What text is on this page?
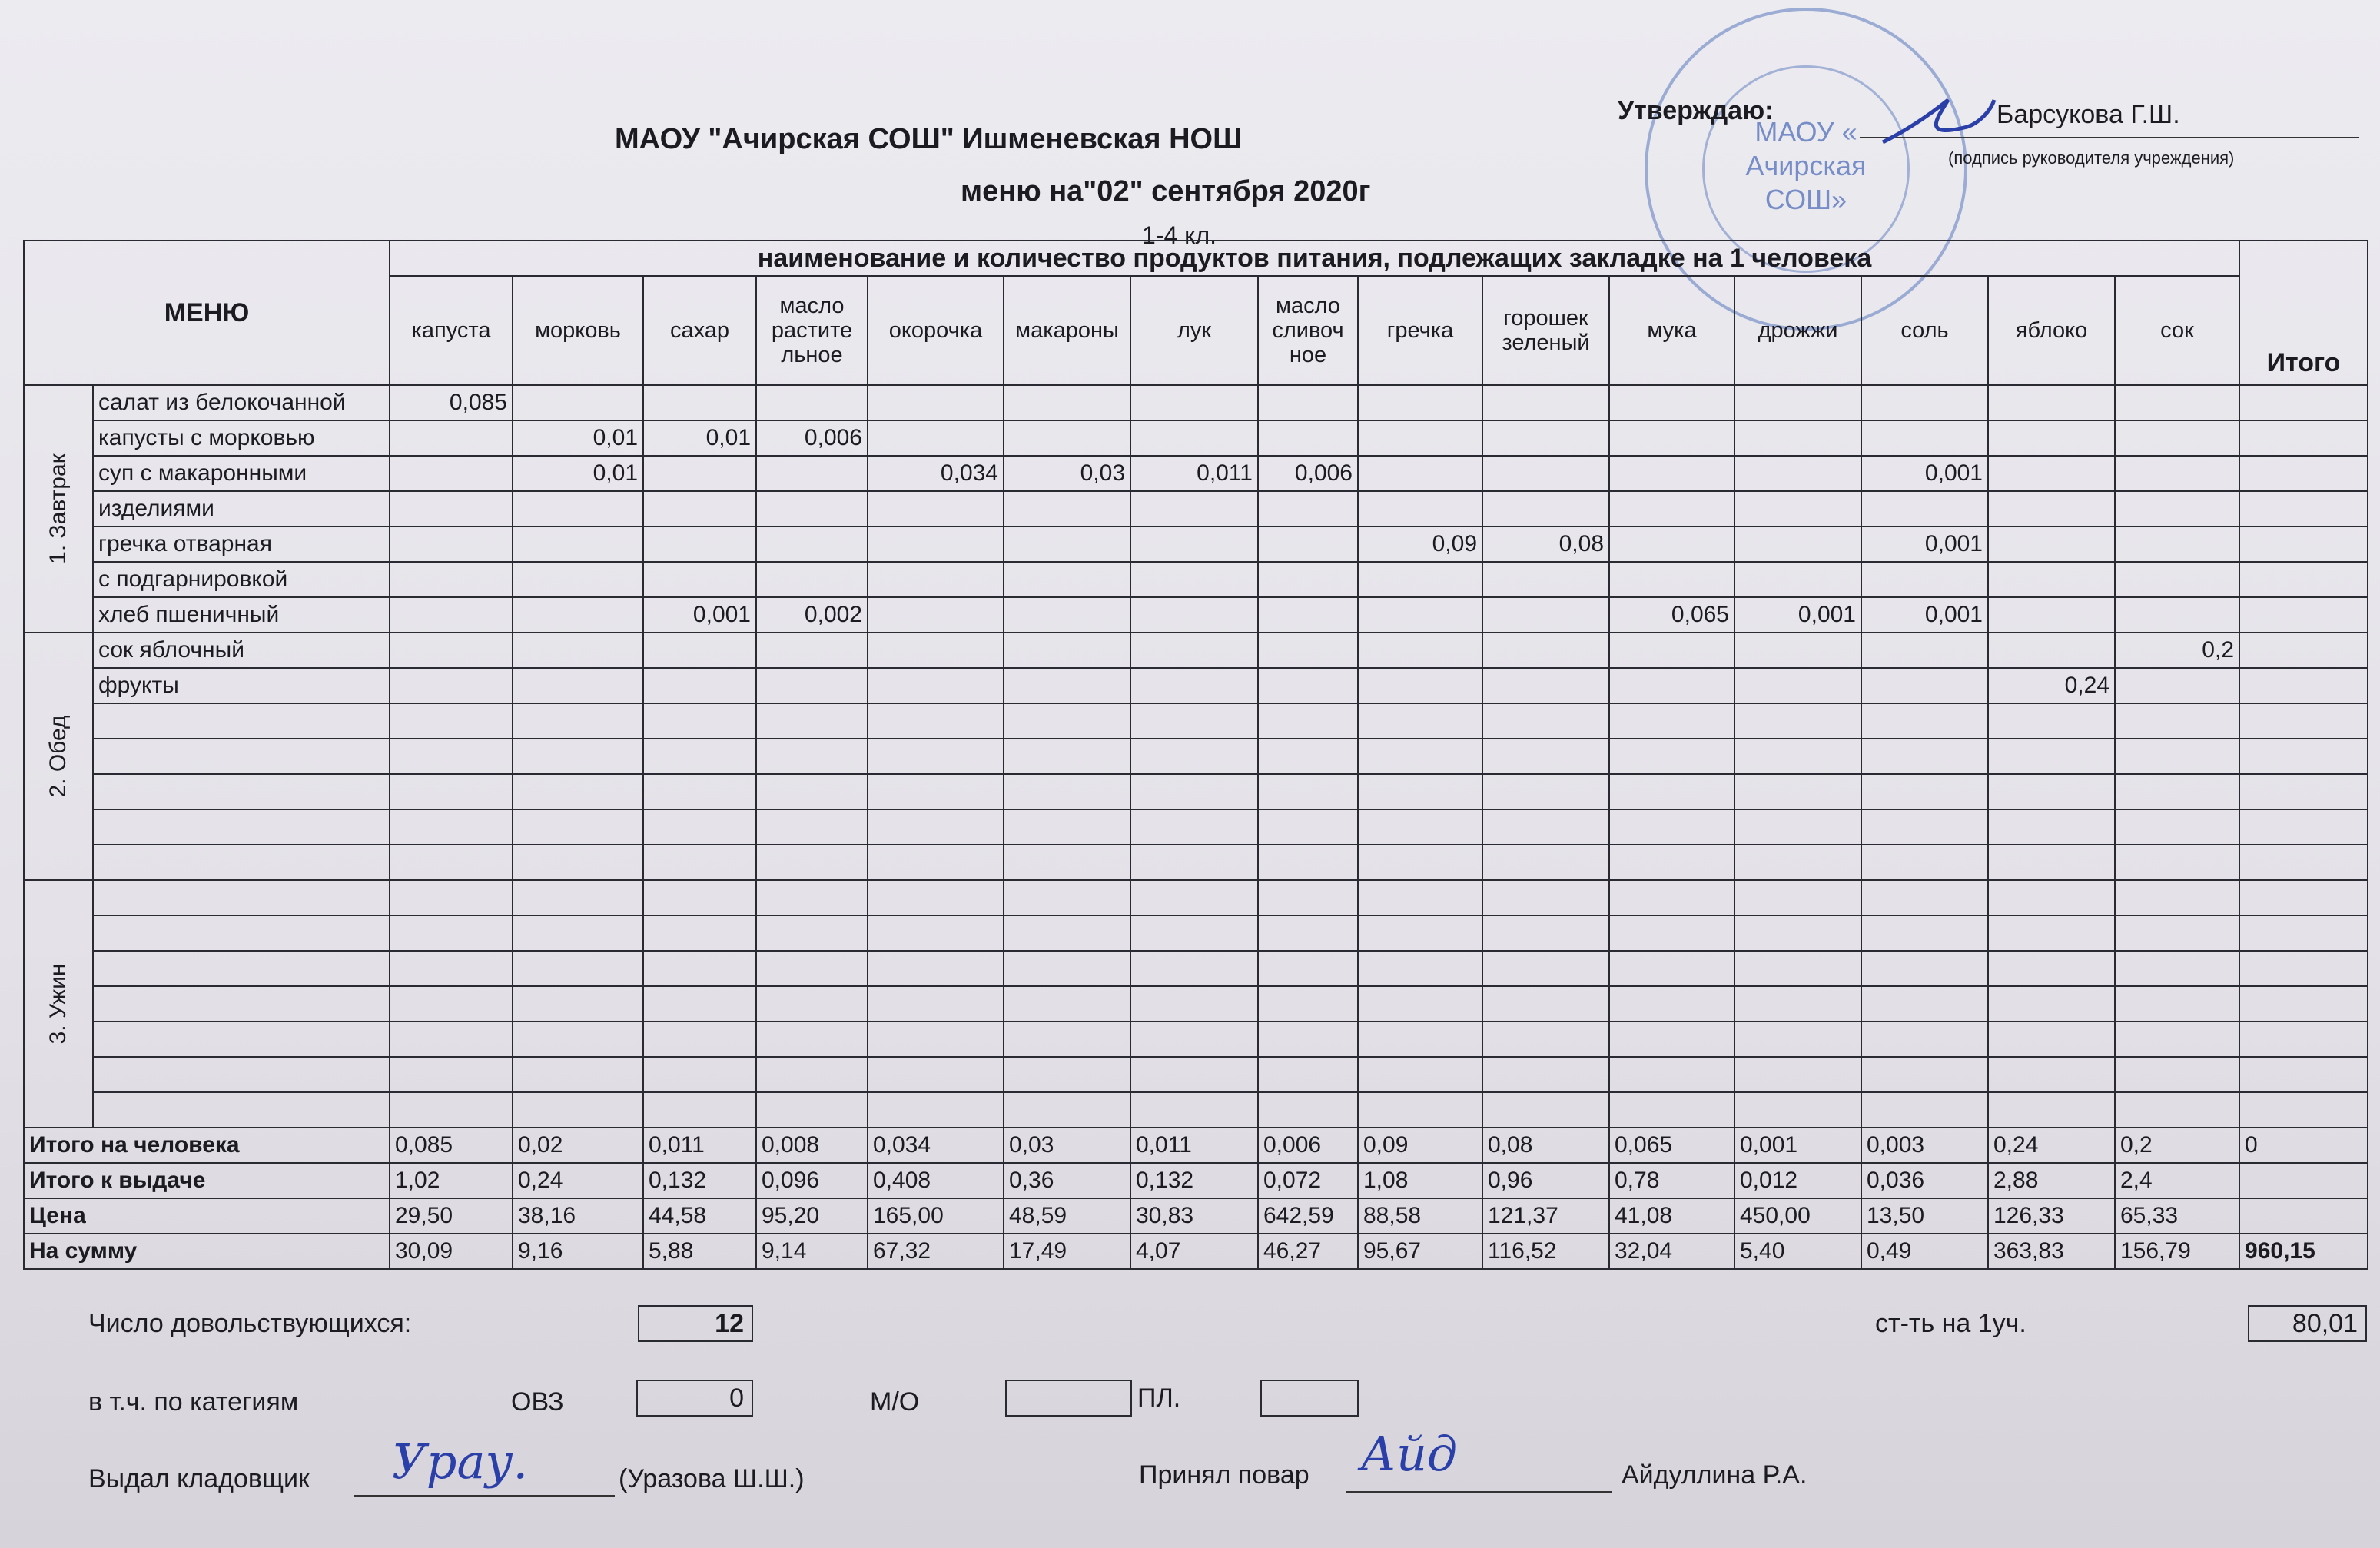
МАОУ « Ачирская СОШ»
МАОУ "Ачирская СОШ" Ишменевская НОШ
меню на"02" сентября 2020г
1-4 кл.
Утверждаю:	Барсукова Г.Ш.
(подпись руководителя учреждения)
МЕНЮ		наименование и количество продуктов питания, подлежащих закладке на 1 человека															Итого
		капуста	морковь	сахар	масло растите льное	окорочка	макароны	лук	масло сливоч ное	гречка	горошек зеленый	мука	дрожжи	соль	яблоко	сок	

1. Завтрак	салат из белокочанной	0,085															
	капусты с морковью		0,01	0,01	0,006												
	суп с макаронными		0,01			0,034	0,03	0,011	0,006					0,001			
	изделиями																
	гречка отварная									0,09	0,08			0,001			
	с подгарнировкой																
	хлеб пшеничный			0,001	0,002							0,065	0,001	0,001			

2. Обед	сок яблочный															0,2	
	фрукты														0,24		

3. Ужин																	

Итого на человека		0,085	0,02	0,011	0,008	0,034	0,03	0,011	0,006	0,09	0,08	0,065	0,001	0,003	0,24	0,2	0
Итого к выдаче		1,02	0,24	0,132	0,096	0,408	0,36	0,132	0,072	1,08	0,96	0,78	0,012	0,036	2,88	2,4	
Цена		29,50	38,16	44,58	95,20	165,00	48,59	30,83	642,59	88,58	121,37	41,08	450,00	13,50	126,33	65,33	
На сумму		30,09	9,16	5,88	9,14	67,32	17,49	4,07	46,27	95,67	116,52	32,04	5,40	0,49	363,83	156,79	960,15
Число довольствующихся:	12	ст-ть на 1уч.	80,01
в т.ч. по категиям	ОВЗ	0	М/О	ПЛ.
Выдал кладовщик Урау.	(Уразова Ш.Ш.)	Принял повар Айд	Айдуллина Р.А.
